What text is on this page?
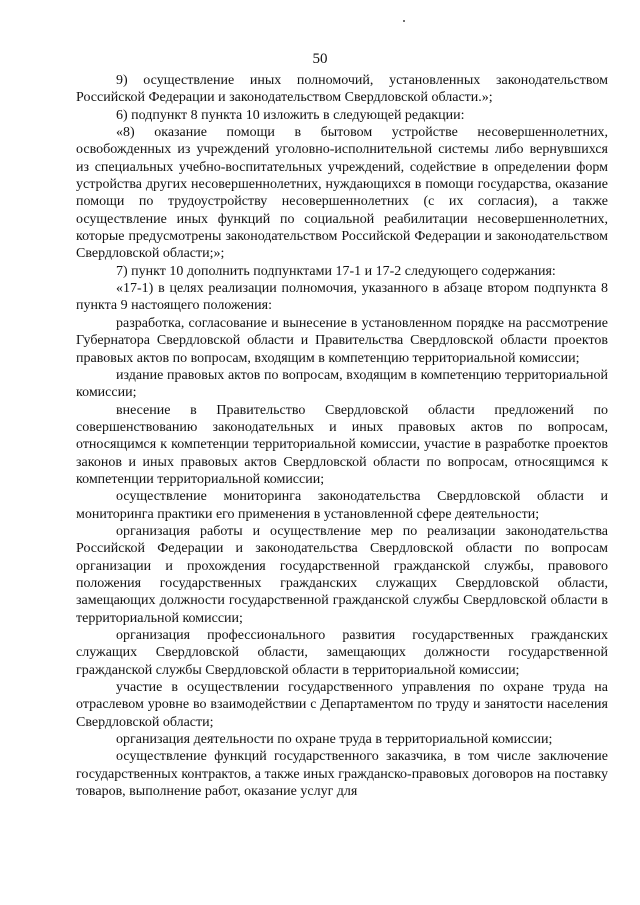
50

9) осуществление иных полномочий, установленных законодательством Российской Федерации и законодательством Свердловской области.»;

6) подпункт 8 пункта 10 изложить в следующей редакции:

«8) оказание помощи в бытовом устройстве несовершеннолетних, освобожденных из учреждений уголовно-исполнительной системы либо вернувшихся из специальных учебно-воспитательных учреждений, содействие в определении форм устройства других несовершеннолетних, нуждающихся в помощи государства, оказание помощи по трудоустройству несовершеннолетних (с их согласия), а также осуществление иных функций по социальной реабилитации несовершеннолетних, которые предусмотрены законодательством Российской Федерации и законодательством Свердловской области;»;

7) пункт 10 дополнить подпунктами 17-1 и 17-2 следующего содержания:

«17-1) в целях реализации полномочия, указанного в абзаце втором подпункта 8 пункта 9 настоящего положения:

разработка, согласование и вынесение в установленном порядке на рассмотрение Губернатора Свердловской области и Правительства Свердловской области проектов правовых актов по вопросам, входящим в компетенцию территориальной комиссии;

издание правовых актов по вопросам, входящим в компетенцию территориальной комиссии;

внесение в Правительство Свердловской области предложений по совершенствованию законодательных и иных правовых актов по вопросам, относящимся к компетенции территориальной комиссии, участие в разработке проектов законов и иных правовых актов Свердловской области по вопросам, относящимся к компетенции территориальной комиссии;

осуществление мониторинга законодательства Свердловской области и мониторинга практики его применения в установленной сфере деятельности;

организация работы и осуществление мер по реализации законодательства Российской Федерации и законодательства Свердловской области по вопросам организации и прохождения государственной гражданской службы, правового положения государственных гражданских служащих Свердловской области, замещающих должности государственной гражданской службы Свердловской области в территориальной комиссии;

организация профессионального развития государственных гражданских служащих Свердловской области, замещающих должности государственной гражданской службы Свердловской области в территориальной комиссии;

участие в осуществлении государственного управления по охране труда на отраслевом уровне во взаимодействии с Департаментом по труду и занятости населения Свердловской области;

организация деятельности по охране труда в территориальной комиссии;

осуществление функций государственного заказчика, в том числе заключение государственных контрактов, а также иных гражданско-правовых договоров на поставку товаров, выполнение работ, оказание услуг для
